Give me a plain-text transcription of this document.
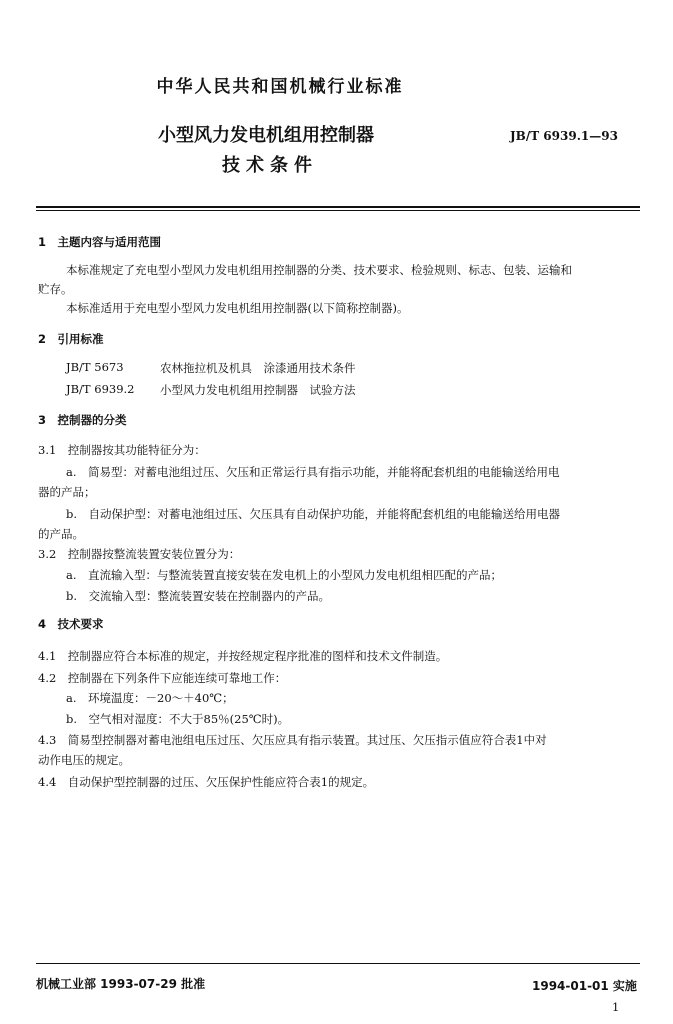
中华人民共和国机械行业标准
小型风力发电机组用控制器
技术条件
JB/T 6939.1—93
1　主题内容与适用范围
本标准规定了充电型小型风力发电机组用控制器的分类、技术要求、检验规则、标志、包装、运输和
贮存。
本标准适用于充电型小型风力发电机组用控制器(以下简称控制器)。
2　引用标准
JB/T 5673	农林拖拉机及机具　涂漆通用技术条件
JB/T 6939.2 小型风力发电机组用控制器　试验方法
3　控制器的分类
3.1　控制器按其功能特征分为：
a.　简易型：对蓄电池组过压、欠压和正常运行具有指示功能，并能将配套机组的电能输送给用电
器的产品；
b.　自动保护型：对蓄电池组过压、欠压具有自动保护功能，并能将配套机组的电能输送给用电器
的产品。
3.2　控制器按整流装置安装位置分为：
a.　直流输入型：与整流装置直接安装在发电机上的小型风力发电机组相匹配的产品；
b.　交流输入型：整流装置安装在控制器内的产品。
4　技术要求
4.1　控制器应符合本标准的规定，并按经规定程序批准的图样和技术文件制造。
4.2　控制器在下列条件下应能连续可靠地工作：
a.　环境温度：－20～＋40℃；
b.　空气相对湿度：不大于85％(25℃时)。
4.3　简易型控制器对蓄电池组电压过压、欠压应具有指示装置。其过压、欠压指示值应符合表1中对
动作电压的规定。
4.4　自动保护型控制器的过压、欠压保护性能应符合表1的规定。
机械工业部 1993-07-29 批准	1994-01-01 实施
1
